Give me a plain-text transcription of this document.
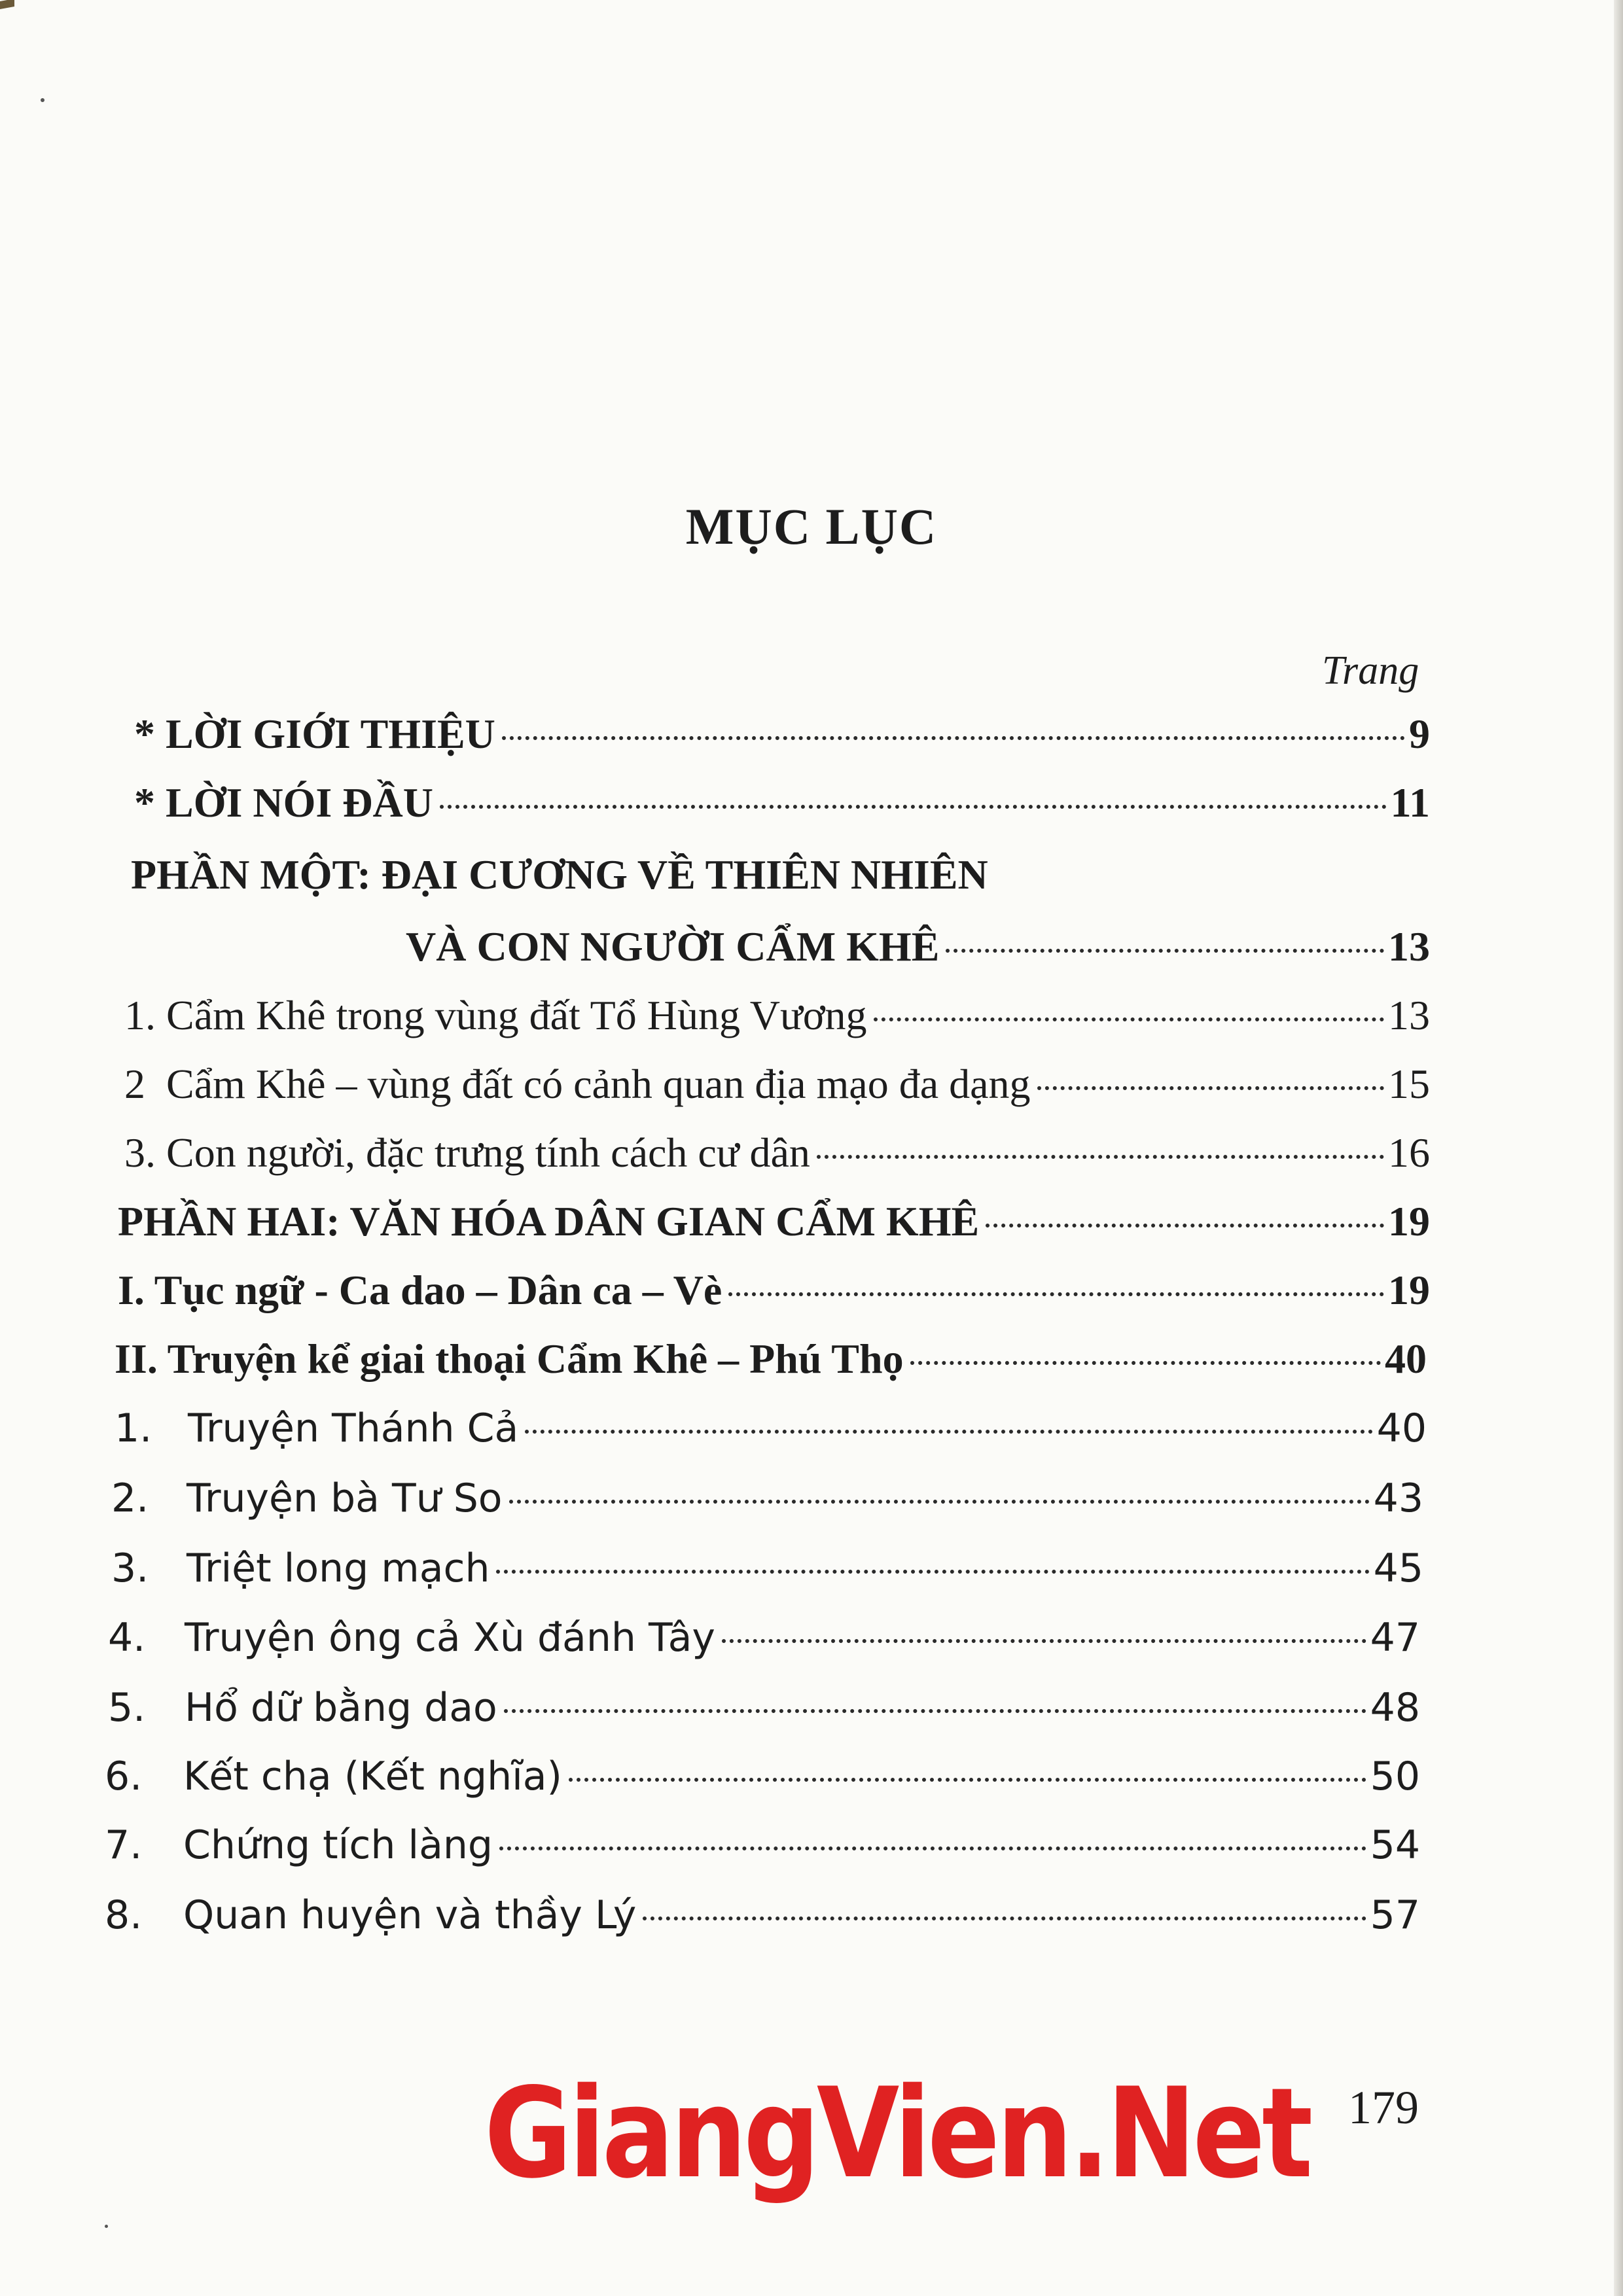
MỤC LỤC
Trang
* LỜI GIỚI THIỆU	9
* LỜI NÓI ĐẦU	11
PHẦN MỘT: ĐẠI CƯƠNG VỀ THIÊN NHIÊN
VÀ CON NGƯỜI CẨM KHÊ	13
1. Cẩm Khê trong vùng đất Tổ Hùng Vương	13
2  Cẩm Khê – vùng đất có cảnh quan địa mạo đa dạng	15
3. Con người, đặc trưng tính cách cư dân	16
PHẦN HAI: VĂN HÓA DÂN GIAN CẨM KHÊ	19
I. Tục ngữ - Ca dao – Dân ca – Vè	19
II. Truyện kể giai thoại Cẩm Khê – Phú Thọ	40
1. Truyện Thánh Cả	40
2. Truyện bà Tư So	43
3. Triệt long mạch	45
4. Truyện ông cả Xù đánh Tây	47
5. Hổ dữ bằng dao	48
6.	Kết chạ (Kết nghĩa)	50
7.	Chứng tích làng	54
8.	Quan huyện và thầy Lý	57
GiangVien.Net 179
